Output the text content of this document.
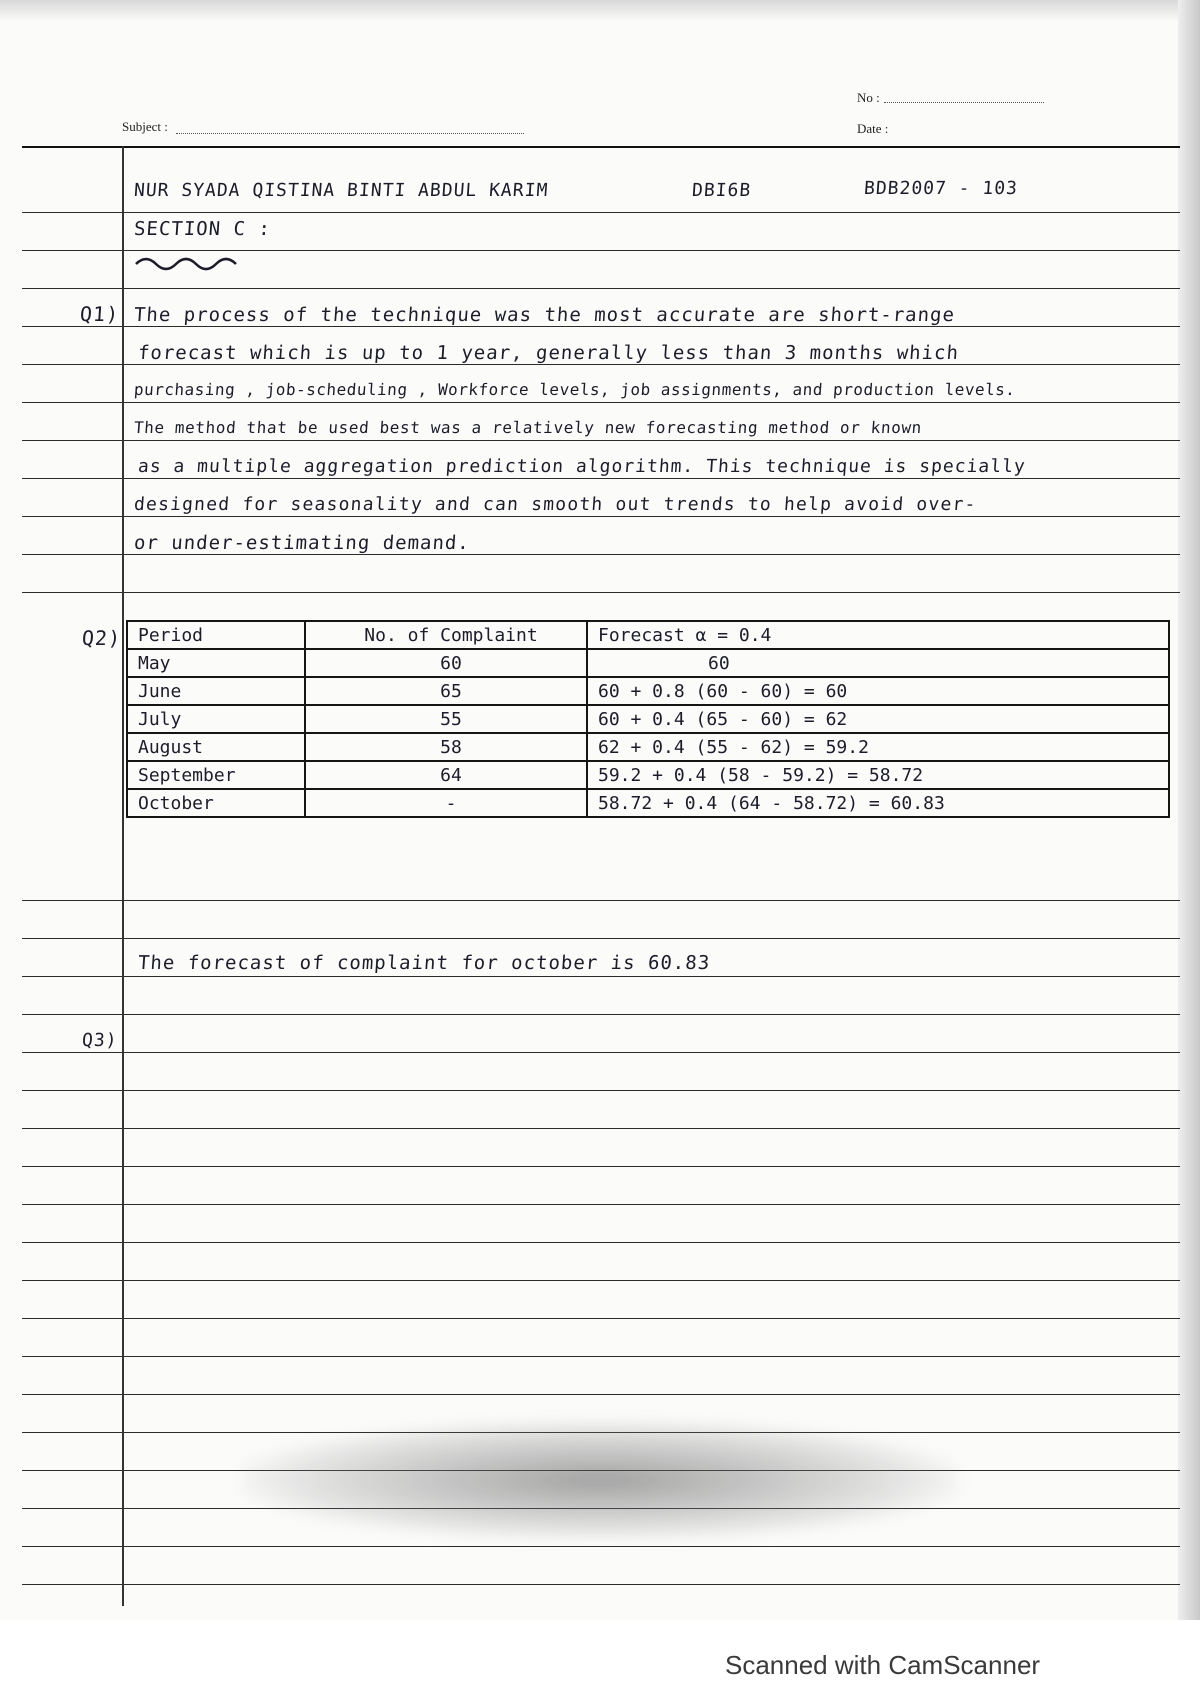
No :
Date :
Subject :
NUR SYADA QISTINA BINTI ABDUL KARIM	DBI6B	BDB2007 - 103
SECTION C :
Q1) The process of the technique was the most accurate are short-range
forecast which is up to 1 year, generally less than 3 months which
purchasing , job-scheduling , Workforce levels, job assignments, and production levels.
The method that be used best was a relatively new forecasting method or known
as a multiple aggregation prediction algorithm. This technique is specially
designed for seasonality and can smooth out trends to help avoid over-
or under-estimating demand.
Q2) Period	No. of Complaint	Forecast α = 0.4
May	60	60
June	65	60 + 0.8 (60 - 60) = 60
July	55	60 + 0.4 (65 - 60) = 62
August	58	62 + 0.4 (55 - 62) = 59.2
September	64	59.2 + 0.4 (58 - 59.2) = 58.72
October	-	58.72 + 0.4 (64 - 58.72) = 60.83
The forecast of complaint for october is 60.83
Q3)
Scanned with CamScanner
